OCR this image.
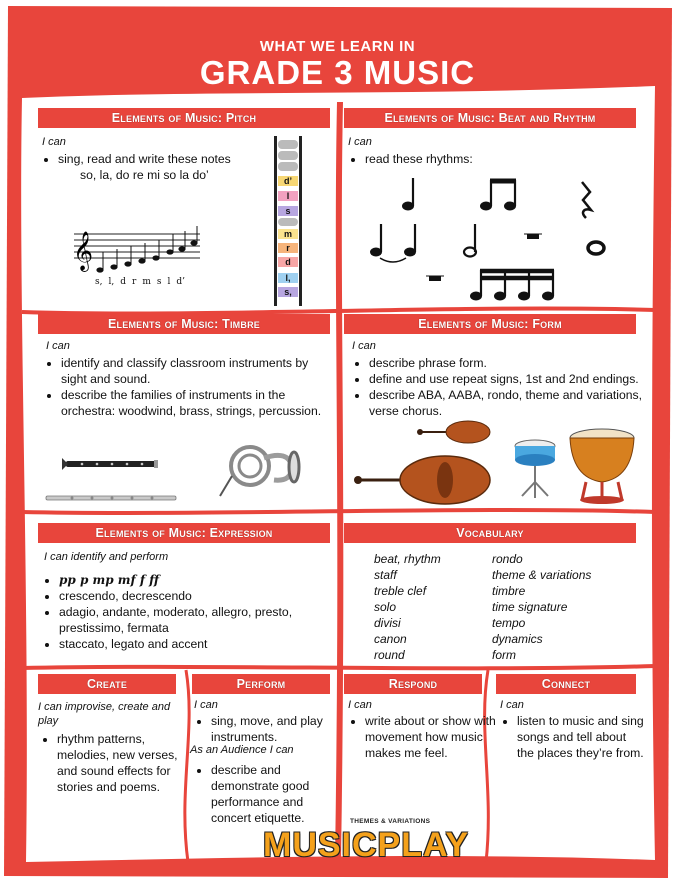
WHAT WE LEARN IN
GRADE 3 MUSIC
Elements of Music: Pitch
I can
• sing, read and write these notes
so, la, do re mi so la do’
𝄞
s, l, d r m s l d’
d’
l
s
m
r
d
l,
s,
Elements of Music: Beat and Rhythm
I can
• read these rhythms:
Elements of Music: Timbre
I can
• identify and classify classroom instruments by sight and sound.
• describe the families of instruments in the orchestra: woodwind, brass, strings, percussion.
Elements of Music: Form
I can
• describe phrase form.
• define and use repeat signs, 1st and 2nd endings.
• describe ABA, AABA, rondo, theme and variations, verse chorus.
Elements of Music: Expression
I can identify and perform
• pp p mp mf f ff
• crescendo, decrescendo
• adagio, andante, moderato, allegro, presto, prestissimo, fermata
• staccato, legato and accent
Vocabulary
beat, rhythm
staff
treble clef
solo
divisi
canon
round
rondo
theme & variations
timbre
time signature
tempo
dynamics
form
Create
I can improvise, create and play
• rhythm patterns, melodies, new verses, and sound effects for stories and poems.
Perform
I can
• sing, move, and play instruments.
As an Audience I can
• describe and demonstrate good performance and concert etiquette.
Respond
I can
• write about or show with movement how music makes me feel.
Connect
I can
• listen to music and sing songs and tell about the places they’re from.
THEMES & VARIATIONS
MUSICPLAY
